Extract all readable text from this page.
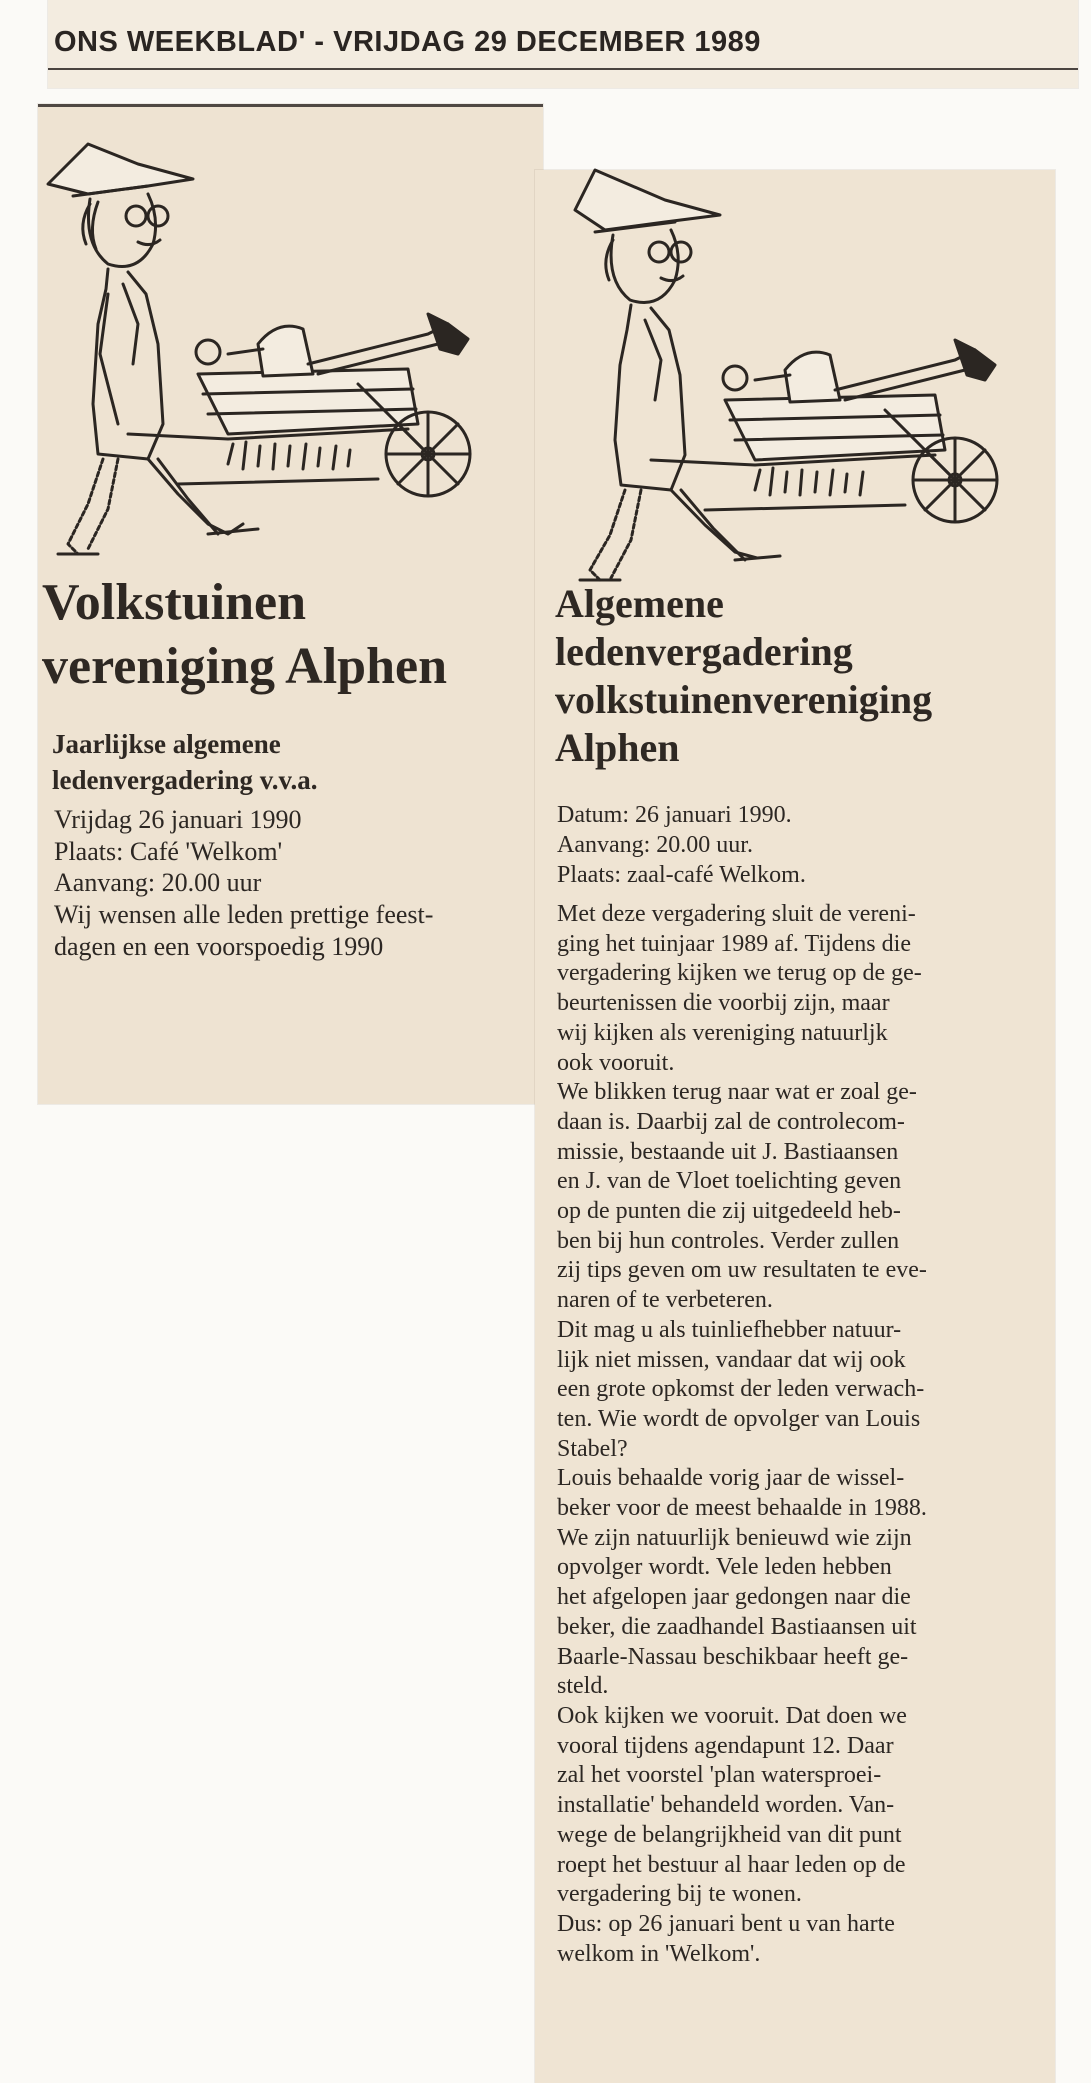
ONS WEEKBLAD' - VRIJDAG 29 DECEMBER 1989
Volkstuinen
vereniging Alphen
Jaarlijkse algemene
ledenvergadering v.v.a.

Vrijdag 26 januari 1990

Plaats: Café 'Welkom'

Aanvang: 20.00 uur

Wij wensen alle leden prettige feest-

dagen en een voorspoedig 1990

Algemene
ledenvergadering
volkstuinenvereniging
Alphen

Datum: 26 januari 1990.

Aanvang: 20.00 uur.

Plaats: zaal-café Welkom.

Met deze vergadering sluit de vereni-

ging het tuinjaar 1989 af. Tijdens die

vergadering kijken we terug op de ge-

beurtenissen die voorbij zijn, maar

wij kijken als vereniging natuurljk

ook vooruit.

We blikken terug naar wat er zoal ge-

daan is. Daarbij zal de controlecom-

missie, bestaande uit J. Bastiaansen

en J. van de Vloet toelichting geven

op de punten die zij uitgedeeld heb-

ben bij hun controles. Verder zullen

zij tips geven om uw resultaten te eve-

naren of te verbeteren.

Dit mag u als tuinliefhebber natuur-

lijk niet missen, vandaar dat wij ook

een grote opkomst der leden verwach-

ten. Wie wordt de opvolger van Louis

Stabel?

Louis behaalde vorig jaar de wissel-

beker voor de meest behaalde in 1988.

We zijn natuurlijk benieuwd wie zijn

opvolger wordt. Vele leden hebben

het afgelopen jaar gedongen naar die

beker, die zaadhandel Bastiaansen uit

Baarle-Nassau beschikbaar heeft ge-

steld.

Ook kijken we vooruit. Dat doen we

vooral tijdens agendapunt 12. Daar

zal het voorstel 'plan watersproei-

installatie' behandeld worden. Van-

wege de belangrijkheid van dit punt

roept het bestuur al haar leden op de

vergadering bij te wonen.

Dus: op 26 januari bent u van harte

welkom in 'Welkom'.
